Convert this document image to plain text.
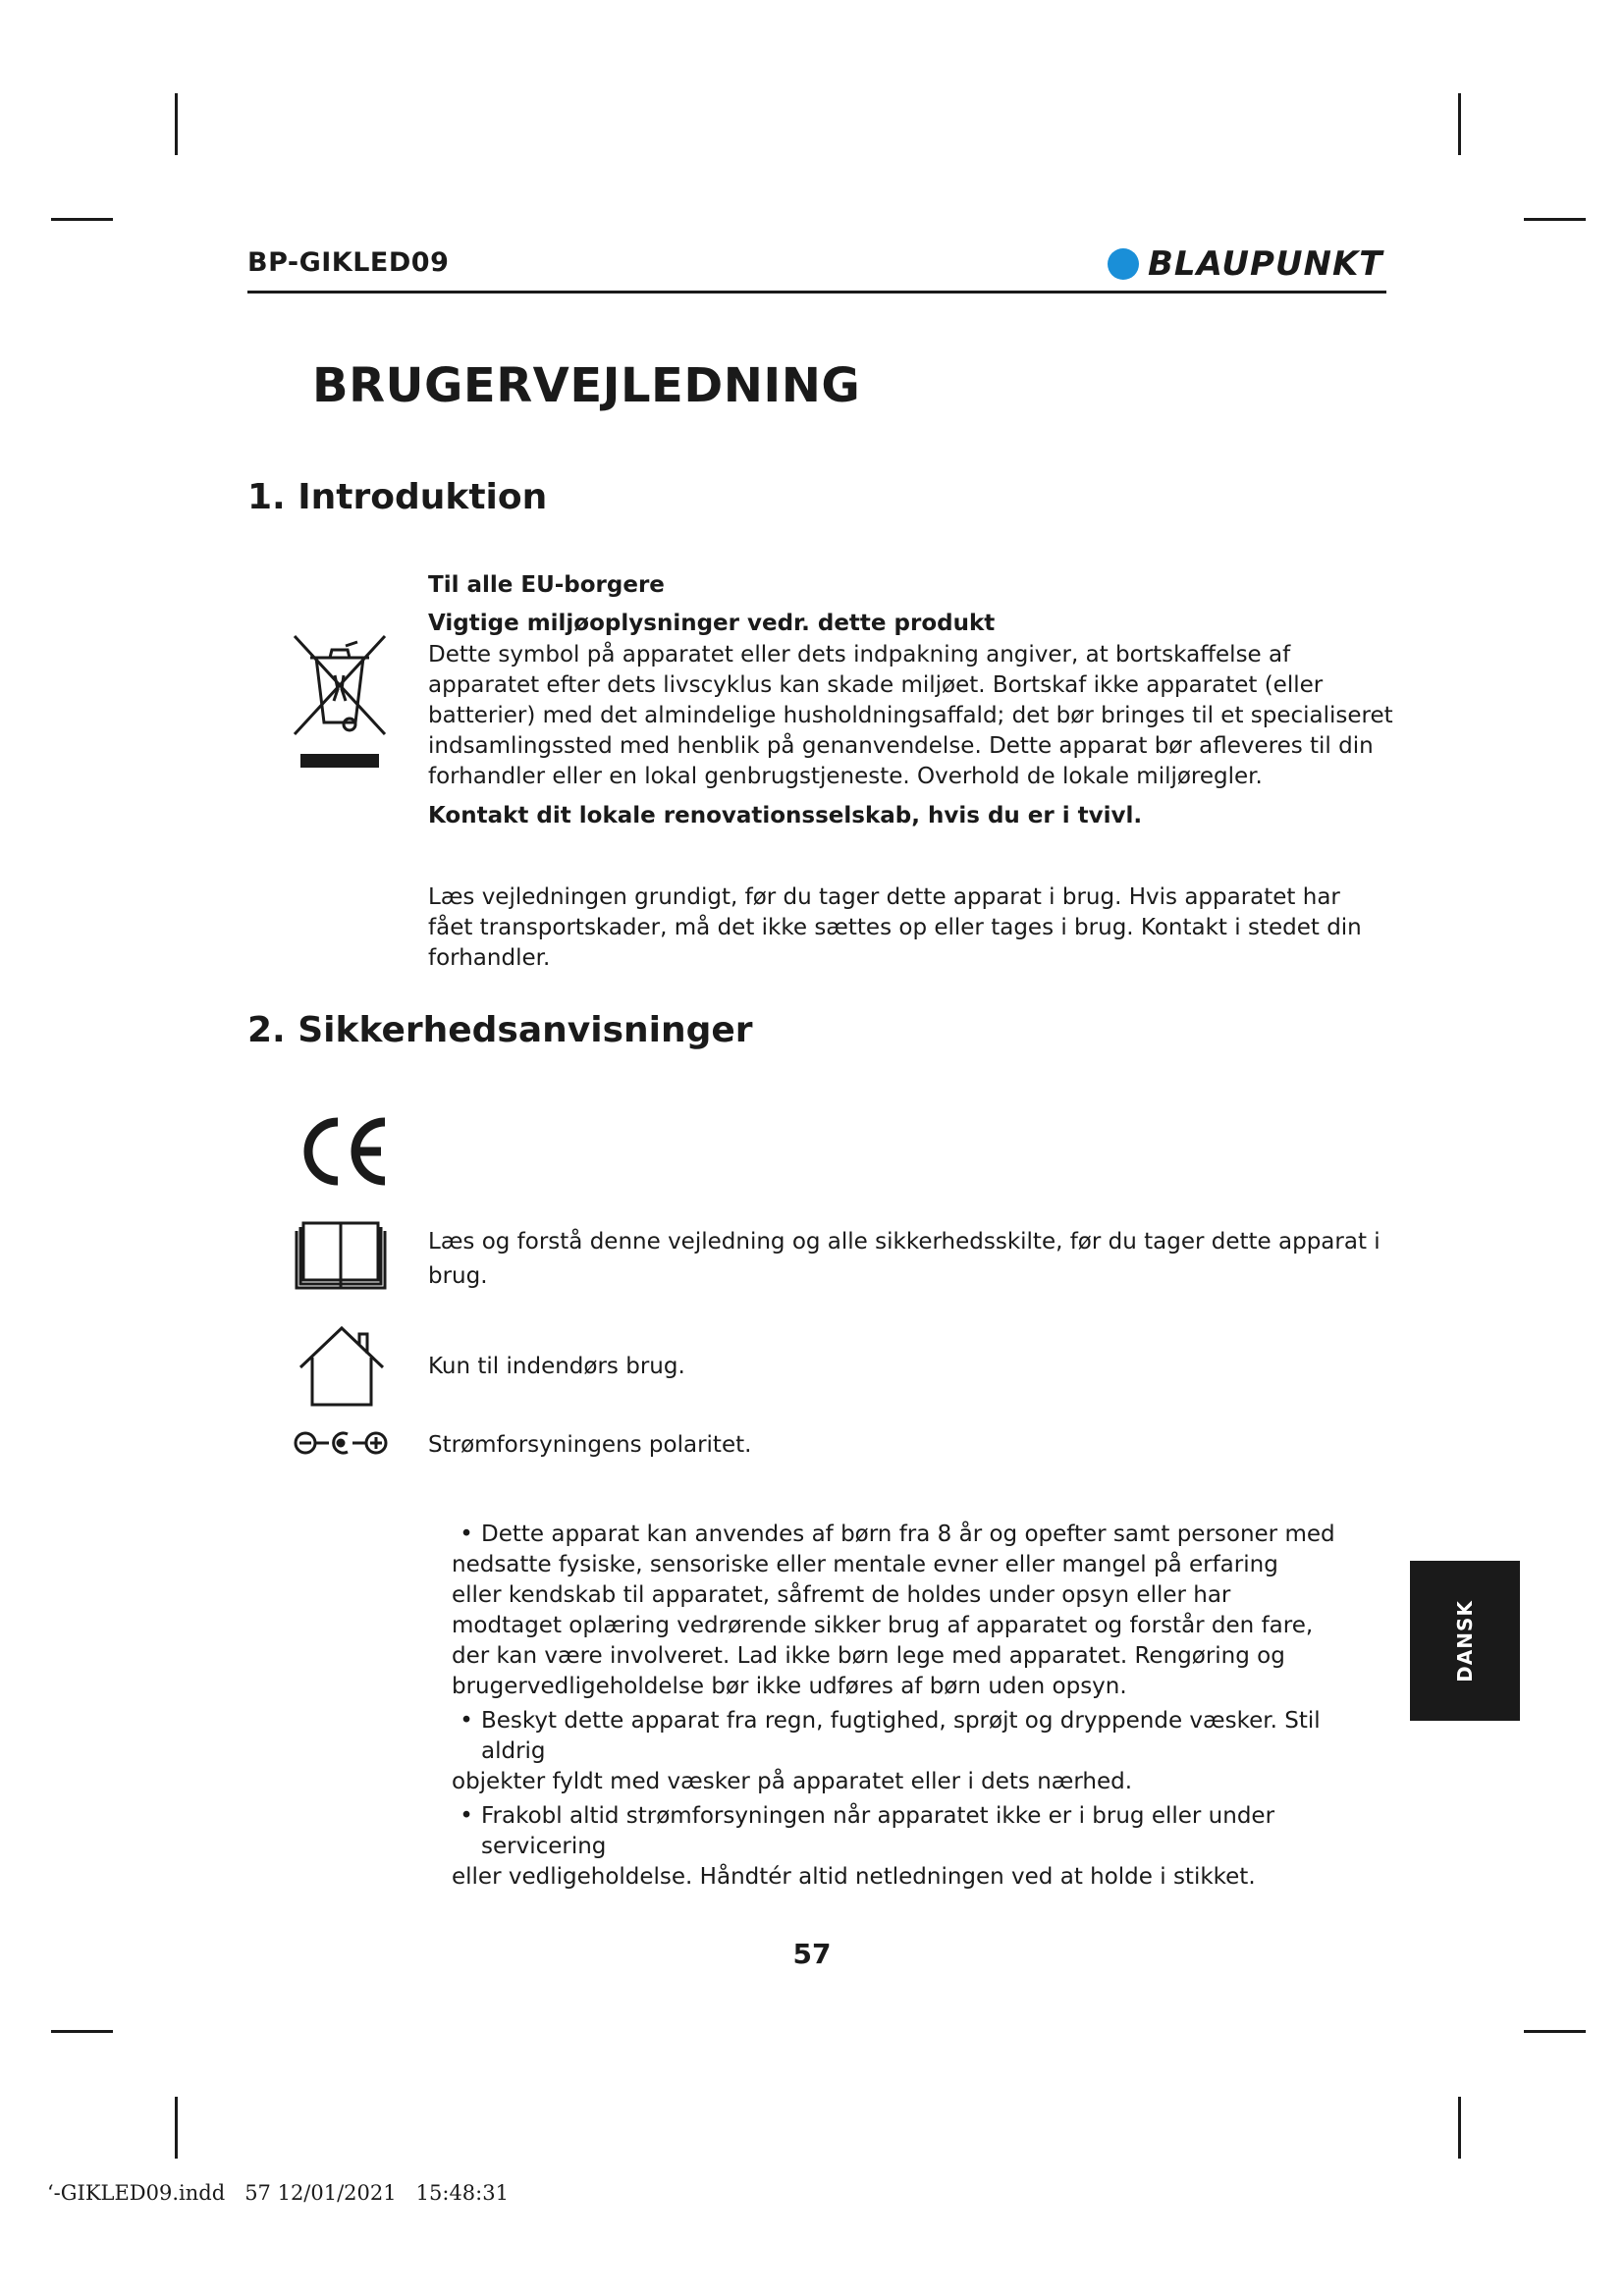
BP-GIKLED09	BLAUPUNKT
BRUGERVEJLEDNING
1. Introduktion
Til alle EU-borgere
Vigtige miljøoplysninger vedr. dette produkt
Dette symbol på apparatet eller dets indpakning angiver, at bortskaffelse af
apparatet efter dets livscyklus kan skade miljøet. Bortskaf ikke apparatet (eller
batterier) med det almindelige husholdningsaffald; det bør bringes til et specialiseret
indsamlingssted med henblik på genanvendelse. Dette apparat bør afleveres til din
forhandler eller en lokal genbrugstjeneste. Overhold de lokale miljøregler.
Kontakt dit lokale renovationsselskab, hvis du er i tvivl.
Læs vejledningen grundigt, før du tager dette apparat i brug. Hvis apparatet har
fået transportskader, må det ikke sættes op eller tages i brug. Kontakt i stedet din
forhandler.
2. Sikkerhedsanvisninger
Læs og forstå denne vejledning og alle sikkerhedsskilte, før du tager dette apparat i
brug.
Kun til indendørs brug.
Strømforsyningens polaritet.
• Dette apparat kan anvendes af børn fra 8 år og opefter samt personer med
nedsatte fysiske, sensoriske eller mentale evner eller mangel på erfaring
eller kendskab til apparatet, såfremt de holdes under opsyn eller har
modtaget oplæring vedrørende sikker brug af apparatet og forstår den fare,
der kan være involveret. Lad ikke børn lege med apparatet. Rengøring og
brugervedligeholdelse bør ikke udføres af børn uden opsyn.
• Beskyt dette apparat fra regn, fugtighed, sprøjt og dryppende væsker. Stil aldrig
objekter fyldt med væsker på apparatet eller i dets nærhed.
• Frakobl altid strømforsyningen når apparatet ikke er i brug eller under servicering
eller vedligeholdelse. Håndtér altid netledningen ved at holde i stikket.
DANSK
57
‘-GIKLED09.indd   57 12/01/2021   15:48:31
